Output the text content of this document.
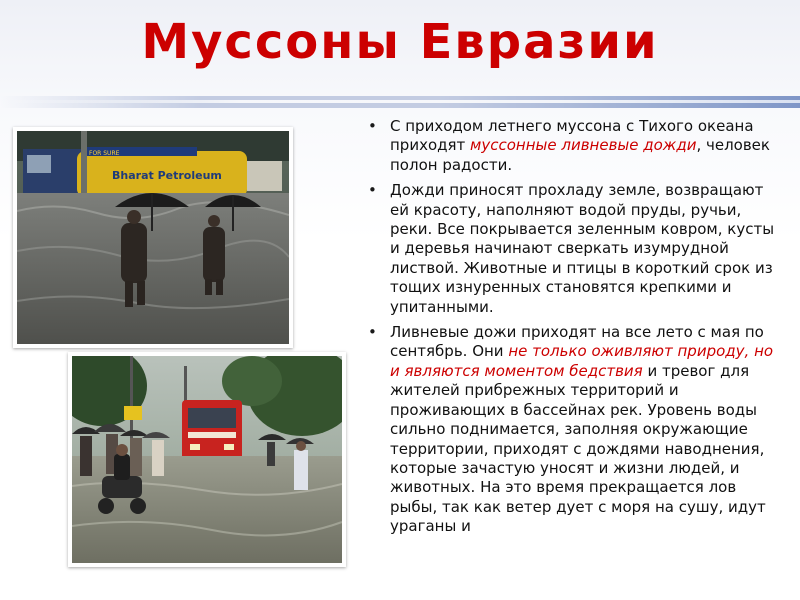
Муссоны Евразии
FOR SURE
Bharat Petroleum
• С приходом летнего муссона с Тихого океана приходят муссонные ливневые дожди, человек полон радости.
• Дожди приносят прохладу земле, возвращают ей красоту, наполняют водой пруды, ручьи, реки. Все покрывается зеленным ковром, кусты и деревья начинают сверкать изумрудной листвой. Животные и птицы в короткий срок из тощих изнуренных становятся крепкими и упитанными.
• Ливневые дожи приходят на все лето с мая по сентябрь. Они не только оживляют природу, но и являются моментом бедствия и тревог для жителей прибрежных территорий и проживающих в бассейнах рек. Уровень воды сильно поднимается, заполняя окружающие территории, приходят с дождями наводнения, которые зачастую уносят и жизни людей, и животных. На это время прекращается лов рыбы, так как ветер дует с моря на сушу, идут ураганы и
